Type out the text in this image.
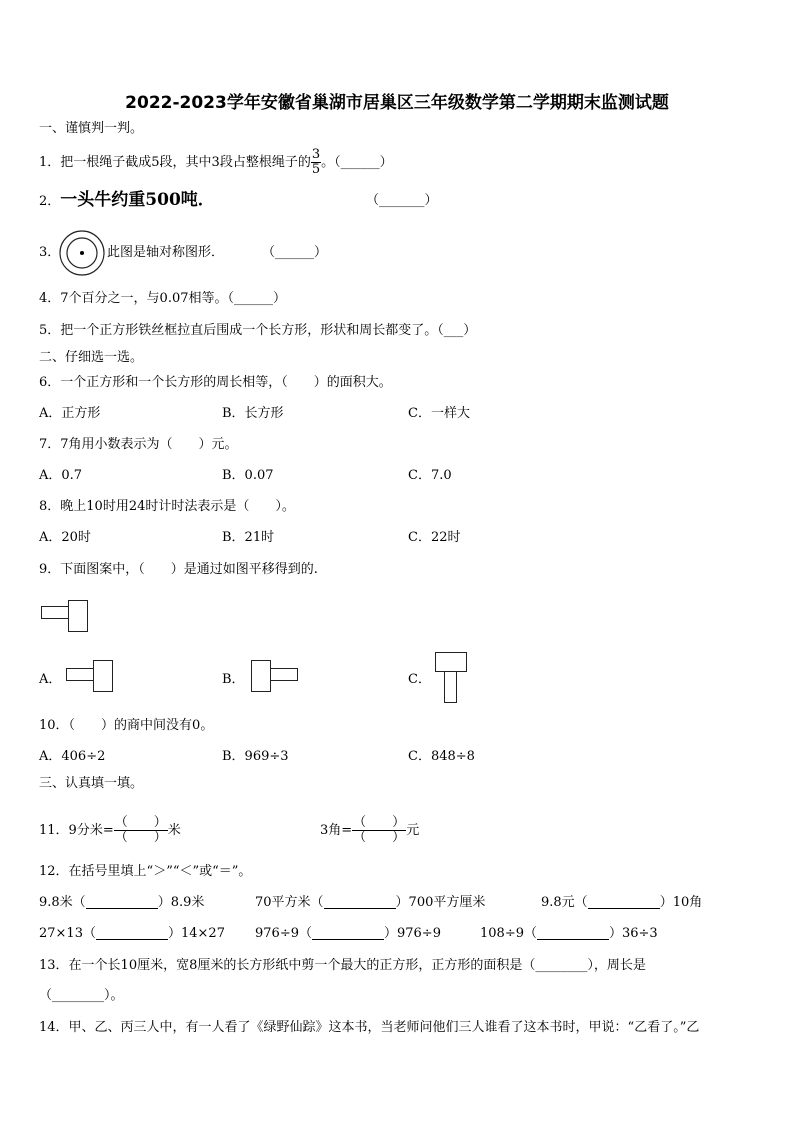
2022-2023学年安徽省巢湖市居巢区三年级数学第二学期期末监测试题
一、谨慎判一判。
1．把一根绳子截成5段，其中3段占整根绳子的 $\frac{3}{5}$ 。（______）
2．一头牛约重500吨．	（_______）
3．	此图是轴对称图形．	（______）
4．7个百分之一，与0.07相等。（______）
5．把一个正方形铁丝框拉直后围成一个长方形，形状和周长都变了。（___）
二、仔细选一选。
6．一个正方形和一个长方形的周长相等，（　　）的面积大。
A．正方形	B．长方形	C．一样大
7．7角用小数表示为（　　）元。
A．0.7	B．0.07	C．7.0
8．晚上10时用24时计时法表示是（　　）。
A．20时	B．21时	C．22时
9．下面图案中，（　　）是通过如图平移得到的.
A．	B．	C．
10．（　　）的商中间没有0。
A．406÷2	B．969÷3	C．848÷8
三、认真填一填。
11．9分米= $\frac{( )}{( )}$ 米	3角= $\frac{( )}{( )}$ 元
12．在括号里填上“＞”“＜”或“＝”。
9.8米（	）8.9米	70平方米（	）700平方厘米	9.8元（	）10角
27×13（	）14×27 976÷9（	）976÷9	108÷9（	）36÷3
13．在一个长10厘米，宽8厘米的长方形纸中剪一个最大的正方形，正方形的面积是（________），周长是
（________）。
14．甲、乙、丙三人中，有一人看了《绿野仙踪》这本书，当老师问他们三人谁看了这本书时，甲说：“乙看了。”乙
